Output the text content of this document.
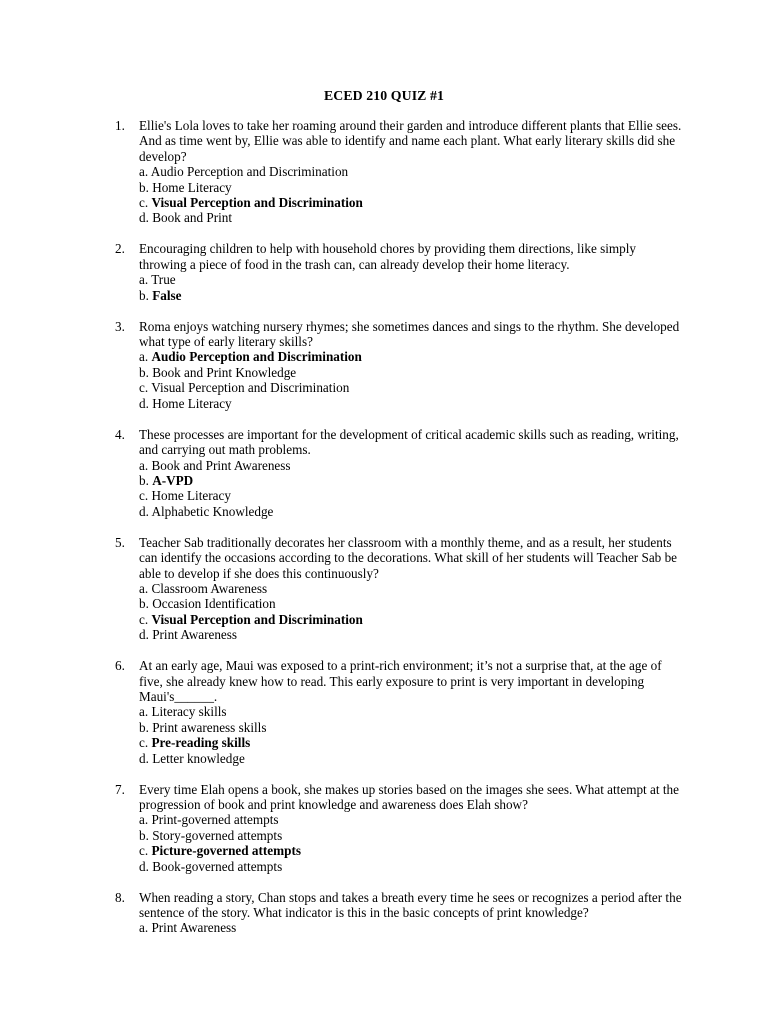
ECED 210 QUIZ #1
1.	Ellie's Lola loves to take her roaming around their garden and introduce different plants that Ellie sees. And as time went by, Ellie was able to identify and name each plant. What early literary skills did she develop?
a. Audio Perception and Discrimination
b. Home Literacy
c. Visual Perception and Discrimination
d. Book and Print
2.	Encouraging children to help with household chores by providing them directions, like simply throwing a piece of food in the trash can, can already develop their home literacy.
a. True
b. False
3.	Roma enjoys watching nursery rhymes; she sometimes dances and sings to the rhythm. She developed what type of early literary skills?
a. Audio Perception and Discrimination
b. Book and Print Knowledge
c. Visual Perception and Discrimination
d. Home Literacy
4.	These processes are important for the development of critical academic skills such as reading, writing, and carrying out math problems.
a. Book and Print Awareness
b. A-VPD
c. Home Literacy
d. Alphabetic Knowledge
5.	Teacher Sab traditionally decorates her classroom with a monthly theme, and as a result, her students can identify the occasions according to the decorations. What skill of her students will Teacher Sab be able to develop if she does this continuously?
a. Classroom Awareness
b. Occasion Identification
c. Visual Perception and Discrimination
d. Print Awareness
6.	At an early age, Maui was exposed to a print-rich environment; it’s not a surprise that, at the age of five, she already knew how to read. This early exposure to print is very important in developing Maui's______.
a. Literacy skills
b. Print awareness skills
c. Pre-reading skills
d. Letter knowledge
7.	Every time Elah opens a book, she makes up stories based on the images she sees. What attempt at the progression of book and print knowledge and awareness does Elah show?
a. Print-governed attempts
b. Story-governed attempts
c. Picture-governed attempts
d. Book-governed attempts
8.	When reading a story, Chan stops and takes a breath every time he sees or recognizes a period after the sentence of the story. What indicator is this in the basic concepts of print knowledge?
a. Print Awareness
